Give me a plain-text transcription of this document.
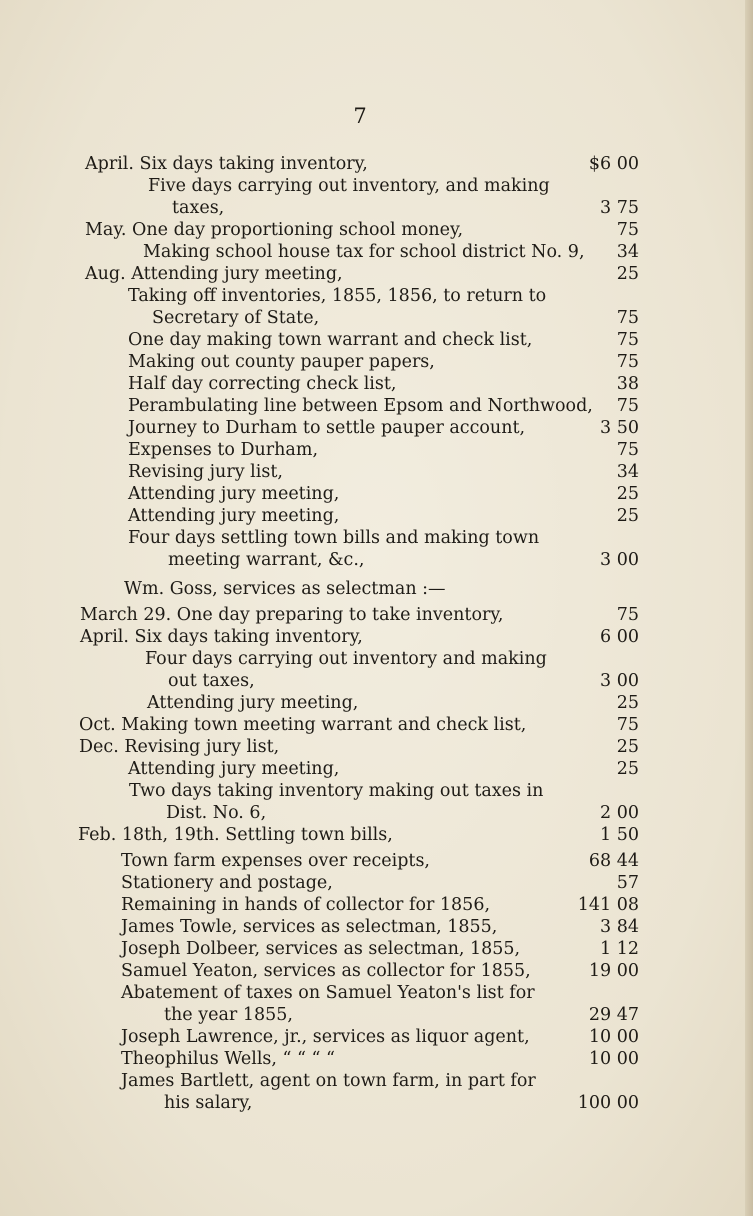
7
April. Six days taking inventory,	$6 00
Five days carrying out inventory, and making
taxes,	3 75
May. One day proportioning school money,	75
Making school house tax for school district No. 9,	34
Aug. Attending jury meeting,	25
Taking off inventories, 1855, 1856, to return to
Secretary of State,	75
One day making town warrant and check list,	75
Making out county pauper papers,	75
Half day correcting check list,	38
Perambulating line between Epsom and Northwood,	75
Journey to Durham to settle pauper account,	3 50
Expenses to Durham,	75
Revising jury list,	34
Attending jury meeting,	25
Attending jury meeting,	25
Four days settling town bills and making town
meeting warrant, &c.,	3 00
Wm. Goss, services as selectman :—
March 29. One day preparing to take inventory,	75
April. Six days taking inventory,	6 00
Four days carrying out inventory and making
out taxes,	3 00
Attending jury meeting,	25
Oct. Making town meeting warrant and check list,	75
Dec. Revising jury list,	25
Attending jury meeting,	25
Two days taking inventory making out taxes in
Dist. No. 6,	2 00
Feb. 18th, 19th. Settling town bills,	1 50
Town farm expenses over receipts,	68 44
Stationery and postage,	57
Remaining in hands of collector for 1856,	141 08
James Towle, services as selectman, 1855,	3 84
Joseph Dolbeer, services as selectman, 1855,	1 12
Samuel Yeaton, services as collector for 1855,	19 00
Abatement of taxes on Samuel Yeaton's list for
the year 1855,	29 47
Joseph Lawrence, jr., services as liquor agent,	10 00
Theophilus Wells, “ “ “ “	10 00
James Bartlett, agent on town farm, in part for
his salary,	100 00
